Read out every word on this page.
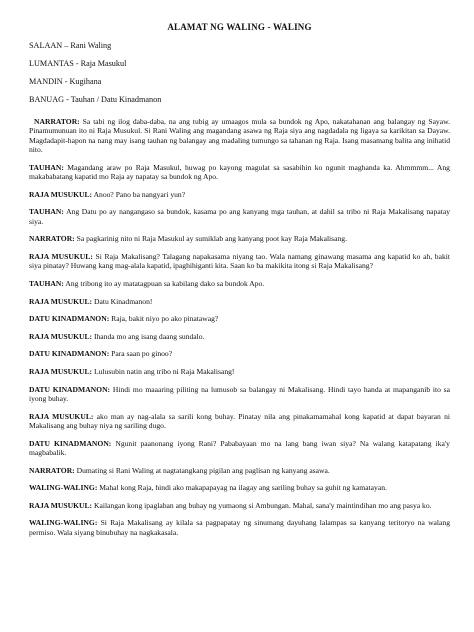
ALAMAT NG WALING - WALING
SALAAN – Rani Waling
LUMANTAS - Raja Masukul
MANDIN - Kugihana
BANUAG - Tauhan / Datu Kinadmanon

NARRATOR: Sa tabi ng ilog daba-daba, na ang tubig ay umaagos mula sa bundok ng Apo, nakatahanan ang balangay ng Sayaw. Pinamumunuan ito ni Raja Musukul. Si Rani Waling ang magandang asawa ng Raja siya ang nagdadala ng ligaya sa karikitan sa Dayaw. Magdadapit-hapon na nang may isang tauhan ng balangay ang madaling tumungo sa tahanan ng Raja. Isang masamang balita ang inihatid nito.

TAUHAN: Magandang araw po Raja Masukul, huwag po kayong magulat sa sasabihin ko ngunit maghanda ka. Ahmmmm... Ang makababatang kapatid mo Raja ay napatay sa bundok ng Apo.

RAJA MUSUKUL: Anoo? Pano ba nangyari yun?

TAUHAN: Ang Datu po ay nangangaso sa bundok, kasama po ang kanyang mga tauhan, at dahil sa tribo ni Raja Makalisang napatay siya.

NARRATOR: Sa pagkarinig nito ni Raja Masukul ay sumiklab ang kanyang poot kay Raja Makalisang.

RAJA MUSUKUL: Si Raja Makalisang? Talagang napakasama niyang tao. Wala namang ginawang masama ang kapatid ko ah, bakit siya pinatay? Huwang kang mag-alala kapatid, ipaghihiganti kita. Saan ko ba makikita itong si Raja Makalisang?

TAUHAN: Ang tribong ito ay matatagpuan sa kabilang dako sa bundok Apo.

RAJA MUSUKUL: Datu Kinadmanon!

DATU KINADMANON: Raja, bakit niyo po ako pinatawag?

RAJA MUSUKUL: Ihanda mo ang isang daang sundalo.

DATU KINADMANON: Para saan po ginoo?

RAJA MUSUKUL: Lulusubin natin ang tribo ni Raja Makalisang!

DATU KINADMANON: Hindi mo maaaring piliting na lumusob sa balangay ni Makalisang. Hindi tayo handa at mapanganib ito sa iyong buhay.

RAJA MUSUKUL: ako man ay nag-alala sa sarili kong buhay. Pinatay nila ang pinakamamahal kong kapatid at dapat bayaran ni Makalisang ang buhay niya ng sariling dugo.

DATU KINADMANON: Ngunit paanonang iyong Rani? Pababayaan mo na lang bang iwan siya? Na walang katapatang ika'y magbabalik.

NARRATOR: Dumating si Rani Waling at nagtatangkang pigilan ang paglisan ng kanyang asawa.

WALING-WALING: Mahal kong Raja, hindi ako makapapayag na ilagay ang sariling buhay sa guhit ng kamatayan.

RAJA MUSUKUL: Kailangan kong ipaglaban ang buhay ng yumaong si Ambungan. Mahal, sana'y maintindihan mo ang pasya ko.

WALING-WALING: Si Raja Makalisang ay kilala sa pagpapatay ng sinumang dayuhang lalampas sa kanyang teritoryo na walang permiso. Wala siyang binubuhay na nagkakasala.
